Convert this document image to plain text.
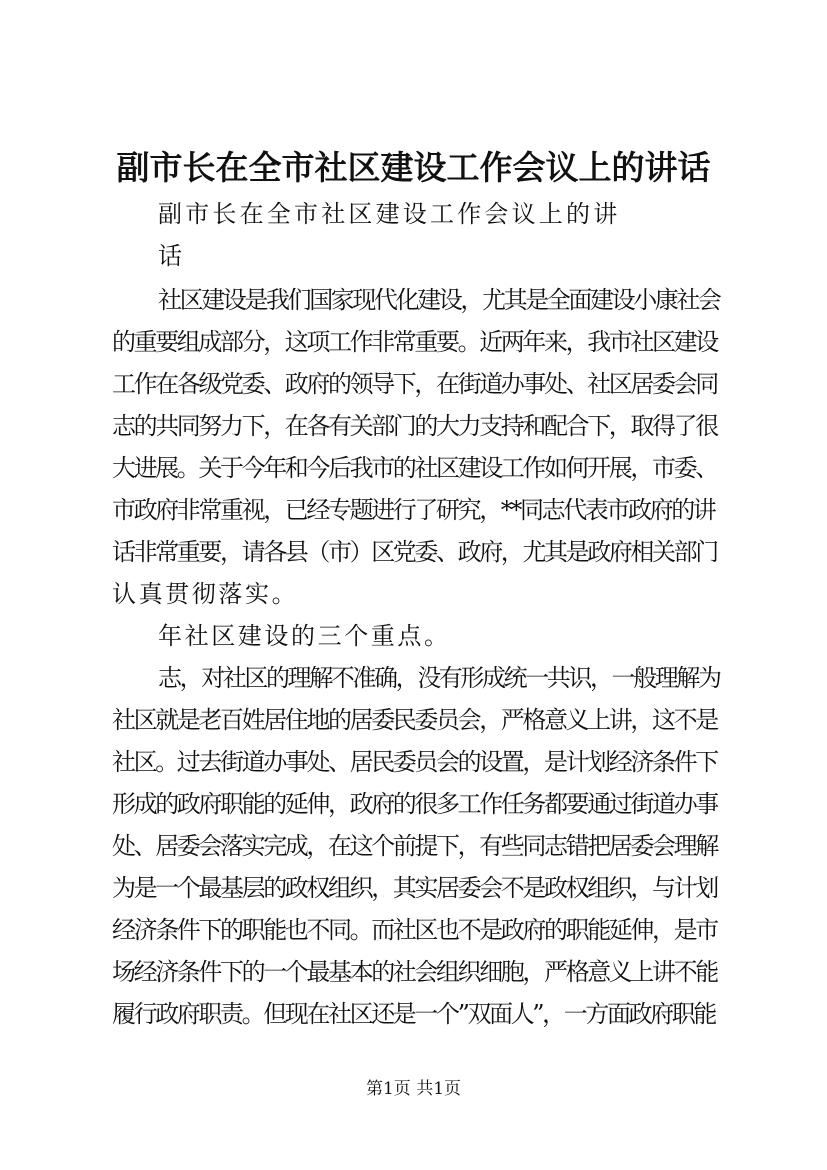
副市长在全市社区建设工作会议上的讲话
副市长在全市社区建设工作会议上的讲
话
社区建设是我们国家现代化建设，尤其是全面建设小康社会
的重要组成部分，这项工作非常重要。近两年来，我市社区建设
工作在各级党委、政府的领导下，在街道办事处、社区居委会同
志的共同努力下，在各有关部门的大力支持和配合下，取得了很
大进展。关于今年和今后我市的社区建设工作如何开展，市委、
市政府非常重视，已经专题进行了研究，**同志代表市政府的讲
话非常重要，请各县（市）区党委、政府，尤其是政府相关部门
认真贯彻落实。
年社区建设的三个重点。
志，对社区的理解不准确，没有形成统一共识，一般理解为
社区就是老百姓居住地的居委民委员会，严格意义上讲，这不是
社区。过去街道办事处、居民委员会的设置，是计划经济条件下
形成的政府职能的延伸，政府的很多工作任务都要通过街道办事
处、居委会落实完成，在这个前提下，有些同志错把居委会理解
为是一个最基层的政权组织，其实居委会不是政权组织，与计划
经济条件下的职能也不同。而社区也不是政府的职能延伸，是市
场经济条件下的一个最基本的社会组织细胞，严格意义上讲不能
履行政府职责。但现在社区还是一个”双面人”，一方面政府职能
第1页 共1页
